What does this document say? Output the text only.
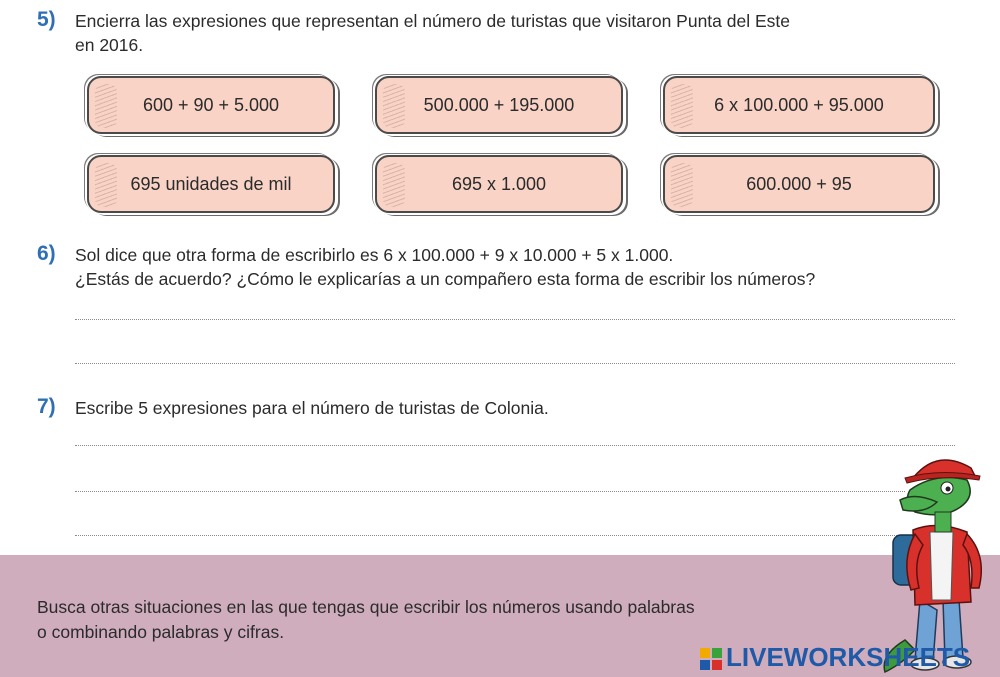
5) Encierra las expresiones que representan el número de turistas que visitaron Punta del Este
en 2016.
600 + 90 + 5.000	500.000 + 195.000	6 x 100.000 + 95.000
695 unidades de mil	695 x 1.000	600.000 + 95
6) Sol dice que otra forma de escribirlo es 6 x 100.000 + 9 x 10.000 + 5 x 1.000.
¿Estás de acuerdo? ¿Cómo le explicarías a un compañero esta forma de escribir los números?
7) Escribe 5 expresiones para el número de turistas de Colonia.
Busca otras situaciones en las que tengas que escribir los números usando palabras
o combinando palabras y cifras.
LIVEWORKSHEETS
